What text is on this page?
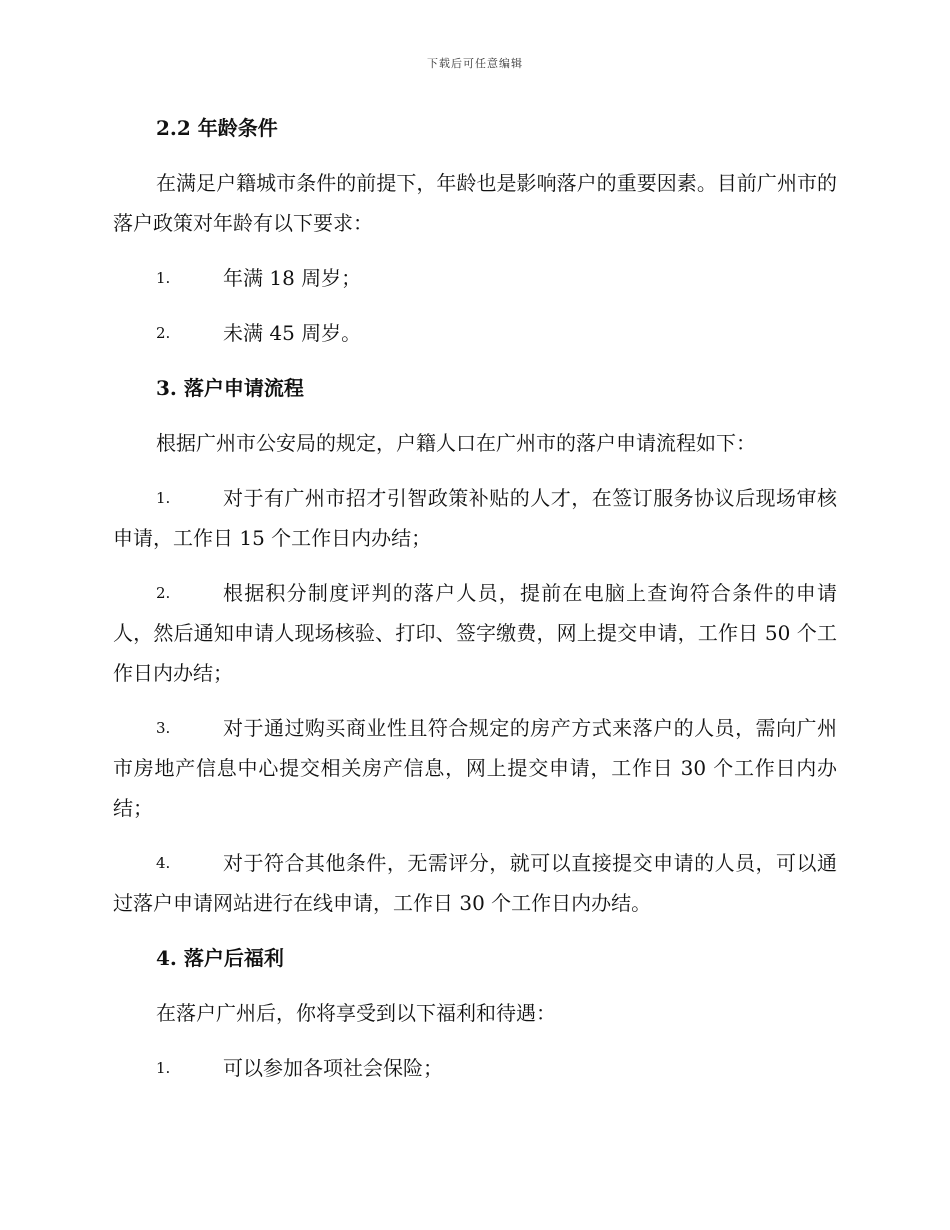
下载后可任意编辑
2.2 年龄条件

在满足户籍城市条件的前提下，年龄也是影响落户的重要因素。目前广州市的落户政策对年龄有以下要求：

1.	年满 18 周岁；
2.	未满 45 周岁。
3. 落户申请流程

根据广州市公安局的规定，户籍人口在广州市的落户申请流程如下：

1.	对于有广州市招才引智政策补贴的人才，在签订服务协议后现场审核申请，工作日 15 个工作日内办结；
2.	根据积分制度评判的落户人员，提前在电脑上查询符合条件的申请人，然后通知申请人现场核验、打印、签字缴费，网上提交申请，工作日 50 个工作日内办结；
3.	对于通过购买商业性且符合规定的房产方式来落户的人员，需向广州市房地产信息中心提交相关房产信息，网上提交申请，工作日 30 个工作日内办结；
4.	对于符合其他条件，无需评分，就可以直接提交申请的人员，可以通过落户申请网站进行在线申请，工作日 30 个工作日内办结。
4. 落户后福利

在落户广州后，你将享受到以下福利和待遇：

1.	可以参加各项社会保险；
